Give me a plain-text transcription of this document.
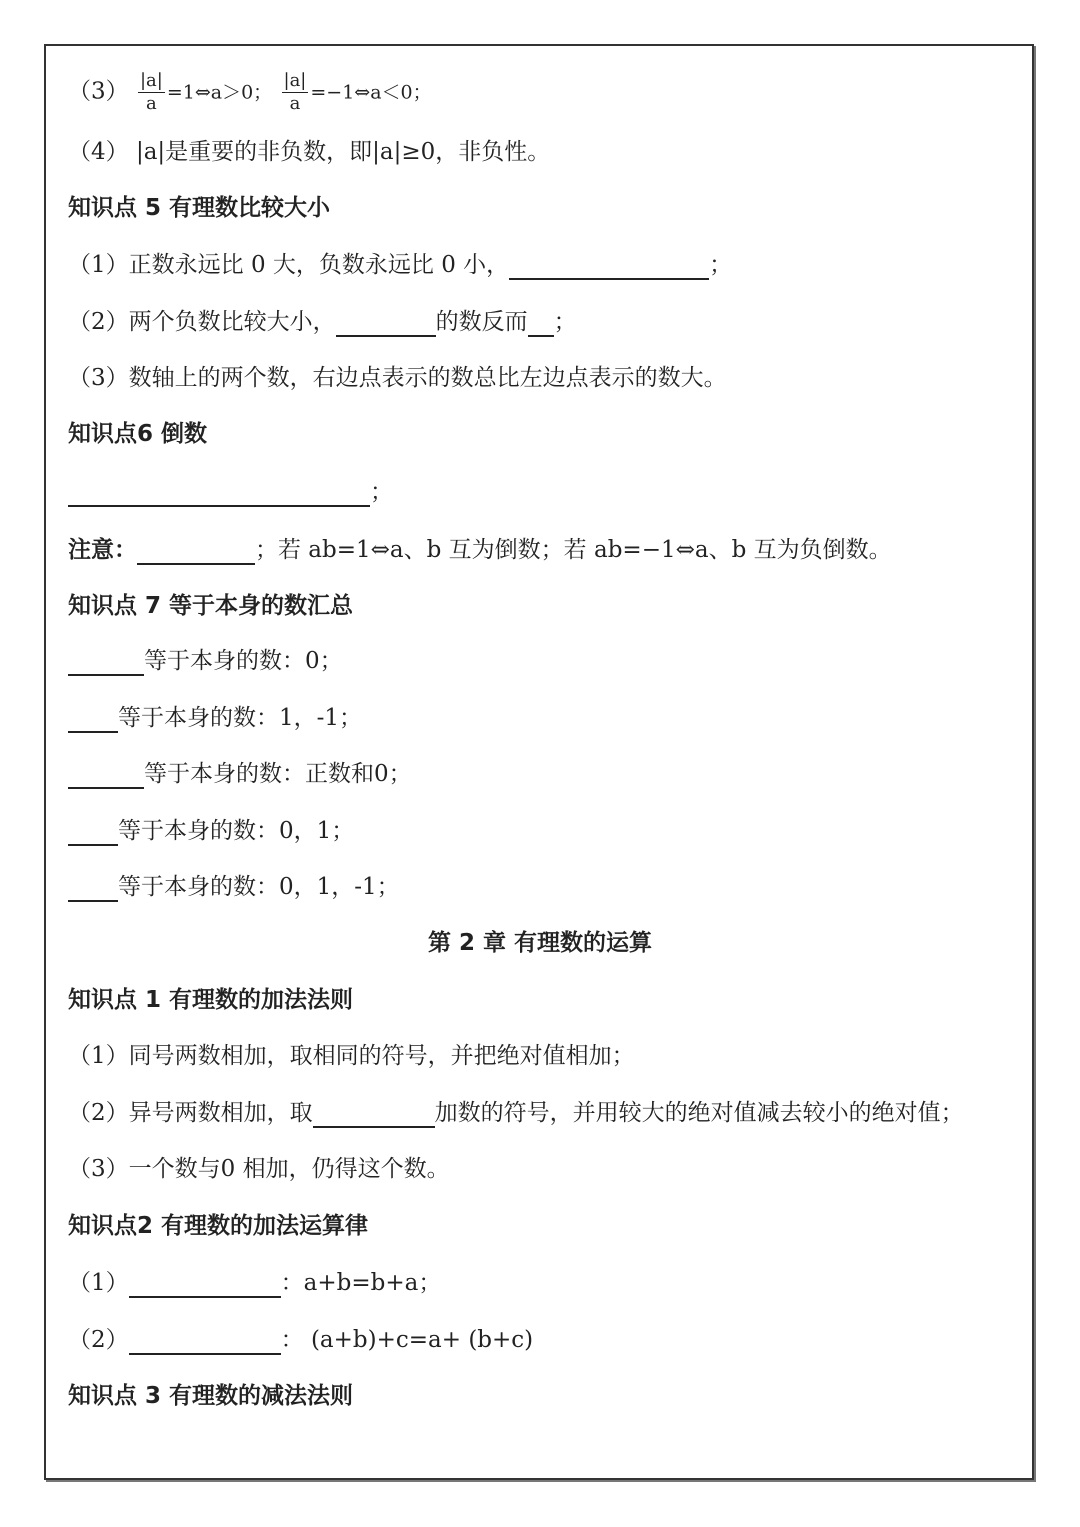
$(3) \frac{|a|}{a}$ =1⇔a＞0； $\frac{|a|}{a}$ =−1⇔a＜0；
（4） |a|是重要的非负数，即|a|≥0，非负性。
知识点 5 有理数比较大小
（1）正数永远比 0 大，负数永远比 0 小，	；
（2）两个负数比较大小，	的数反而 ；
（3）数轴上的两个数，右边点表示的数总比左边点表示的数大。
知识点6 倒数
；
注意：	；若 ab=1⇔a、b 互为倒数；若 ab=−1⇔a、b 互为负倒数。
知识点 7 等于本身的数汇总
等于本身的数：0；
等于本身的数：1，-1；
等于本身的数：正数和0；
等于本身的数：0，1；
等于本身的数：0，1，-1；
第 2 章 有理数的运算
知识点 1 有理数的加法法则
（1）同号两数相加，取相同的符号，并把绝对值相加；
（2）异号两数相加，取	加数的符号，并用较大的绝对值减去较小的绝对值；
（3）一个数与0 相加，仍得这个数。
知识点2 有理数的加法运算律
（1）	：a+b=b+a；
（2）	： (a+b)+c=a+ (b+c)
知识点 3 有理数的减法法则
